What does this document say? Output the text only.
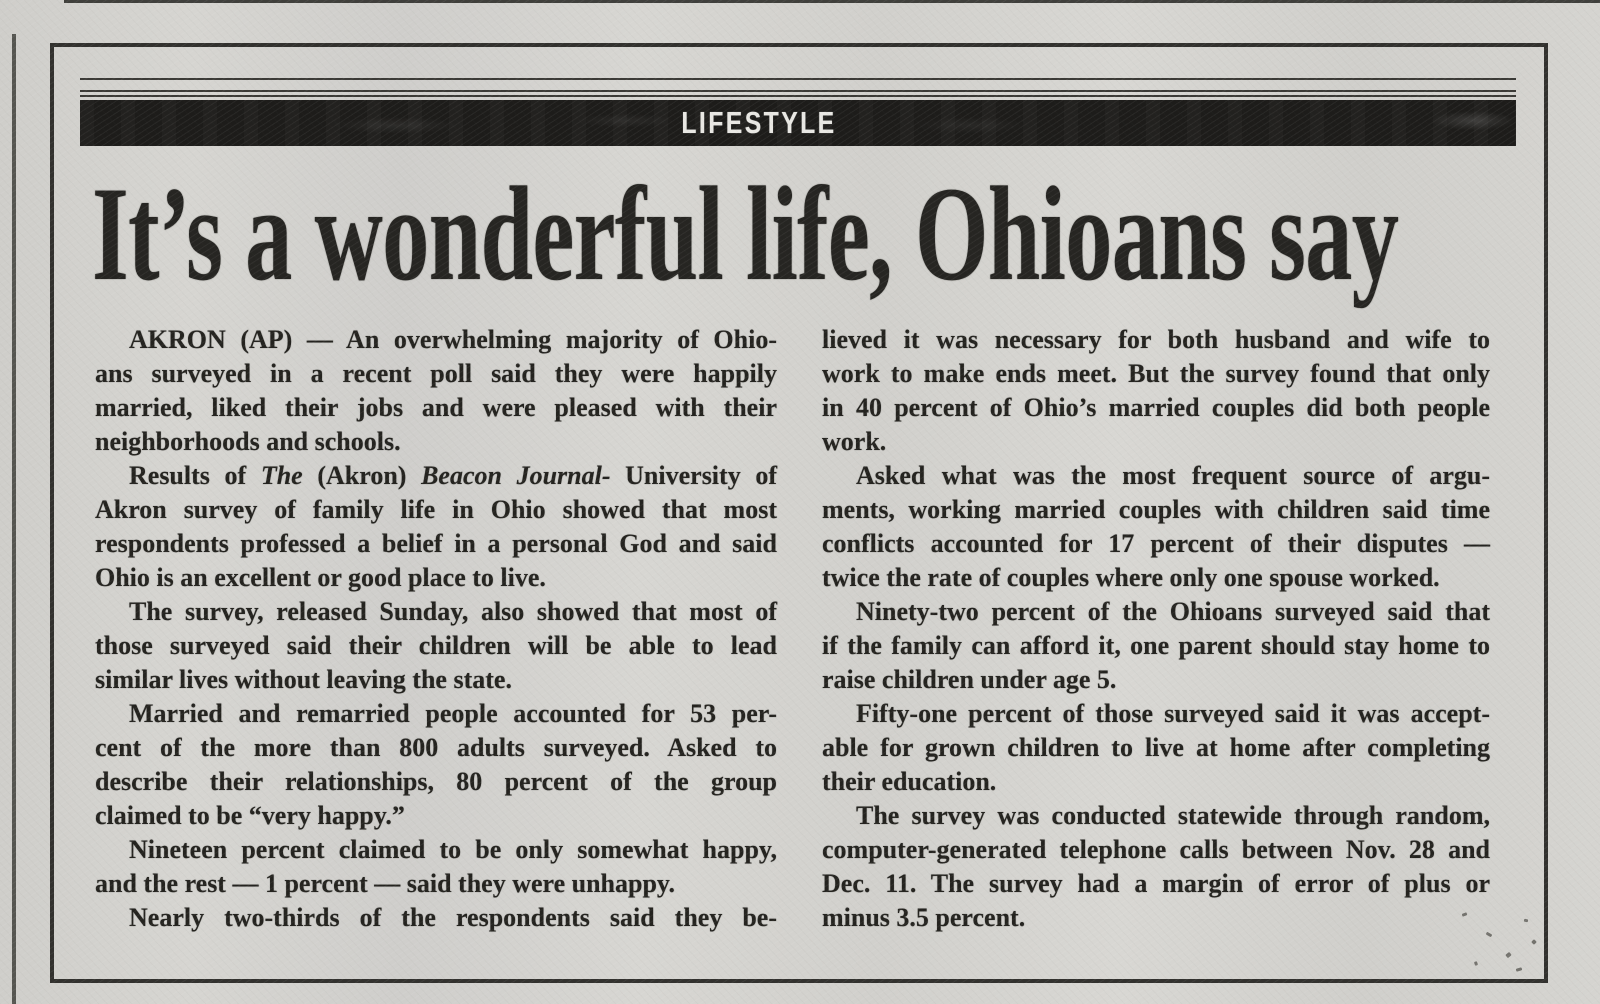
LIFESTYLE
It’s a wonderful life, Ohioans say
AKRON (AP) — An overwhelming majority of Ohio-
ans surveyed in a recent poll said they were happily
married, liked their jobs and were pleased with their
neighborhoods and schools.
Results of The (Akron) Beacon Journal- University of
Akron survey of family life in Ohio showed that most
respondents professed a belief in a personal God and said
Ohio is an excellent or good place to live.
The survey, released Sunday, also showed that most of
those surveyed said their children will be able to lead
similar lives without leaving the state.
Married and remarried people accounted for 53 per-
cent of the more than 800 adults surveyed. Asked to
describe their relationships, 80 percent of the group
claimed to be “very happy.”
Nineteen percent claimed to be only somewhat happy,
and the rest — 1 percent — said they were unhappy.
Nearly two-thirds of the respondents said they be-
lieved it was necessary for both husband and wife to
work to make ends meet. But the survey found that only
in 40 percent of Ohio’s married couples did both people
work.
Asked what was the most frequent source of argu-
ments, working married couples with children said time
conflicts accounted for 17 percent of their disputes —
twice the rate of couples where only one spouse worked.
Ninety-two percent of the Ohioans surveyed said that
if the family can afford it, one parent should stay home to
raise children under age 5.
Fifty-one percent of those surveyed said it was accept-
able for grown children to live at home after completing
their education.
The survey was conducted statewide through random,
computer-generated telephone calls between Nov. 28 and
Dec. 11. The survey had a margin of error of plus or
minus 3.5 percent.
